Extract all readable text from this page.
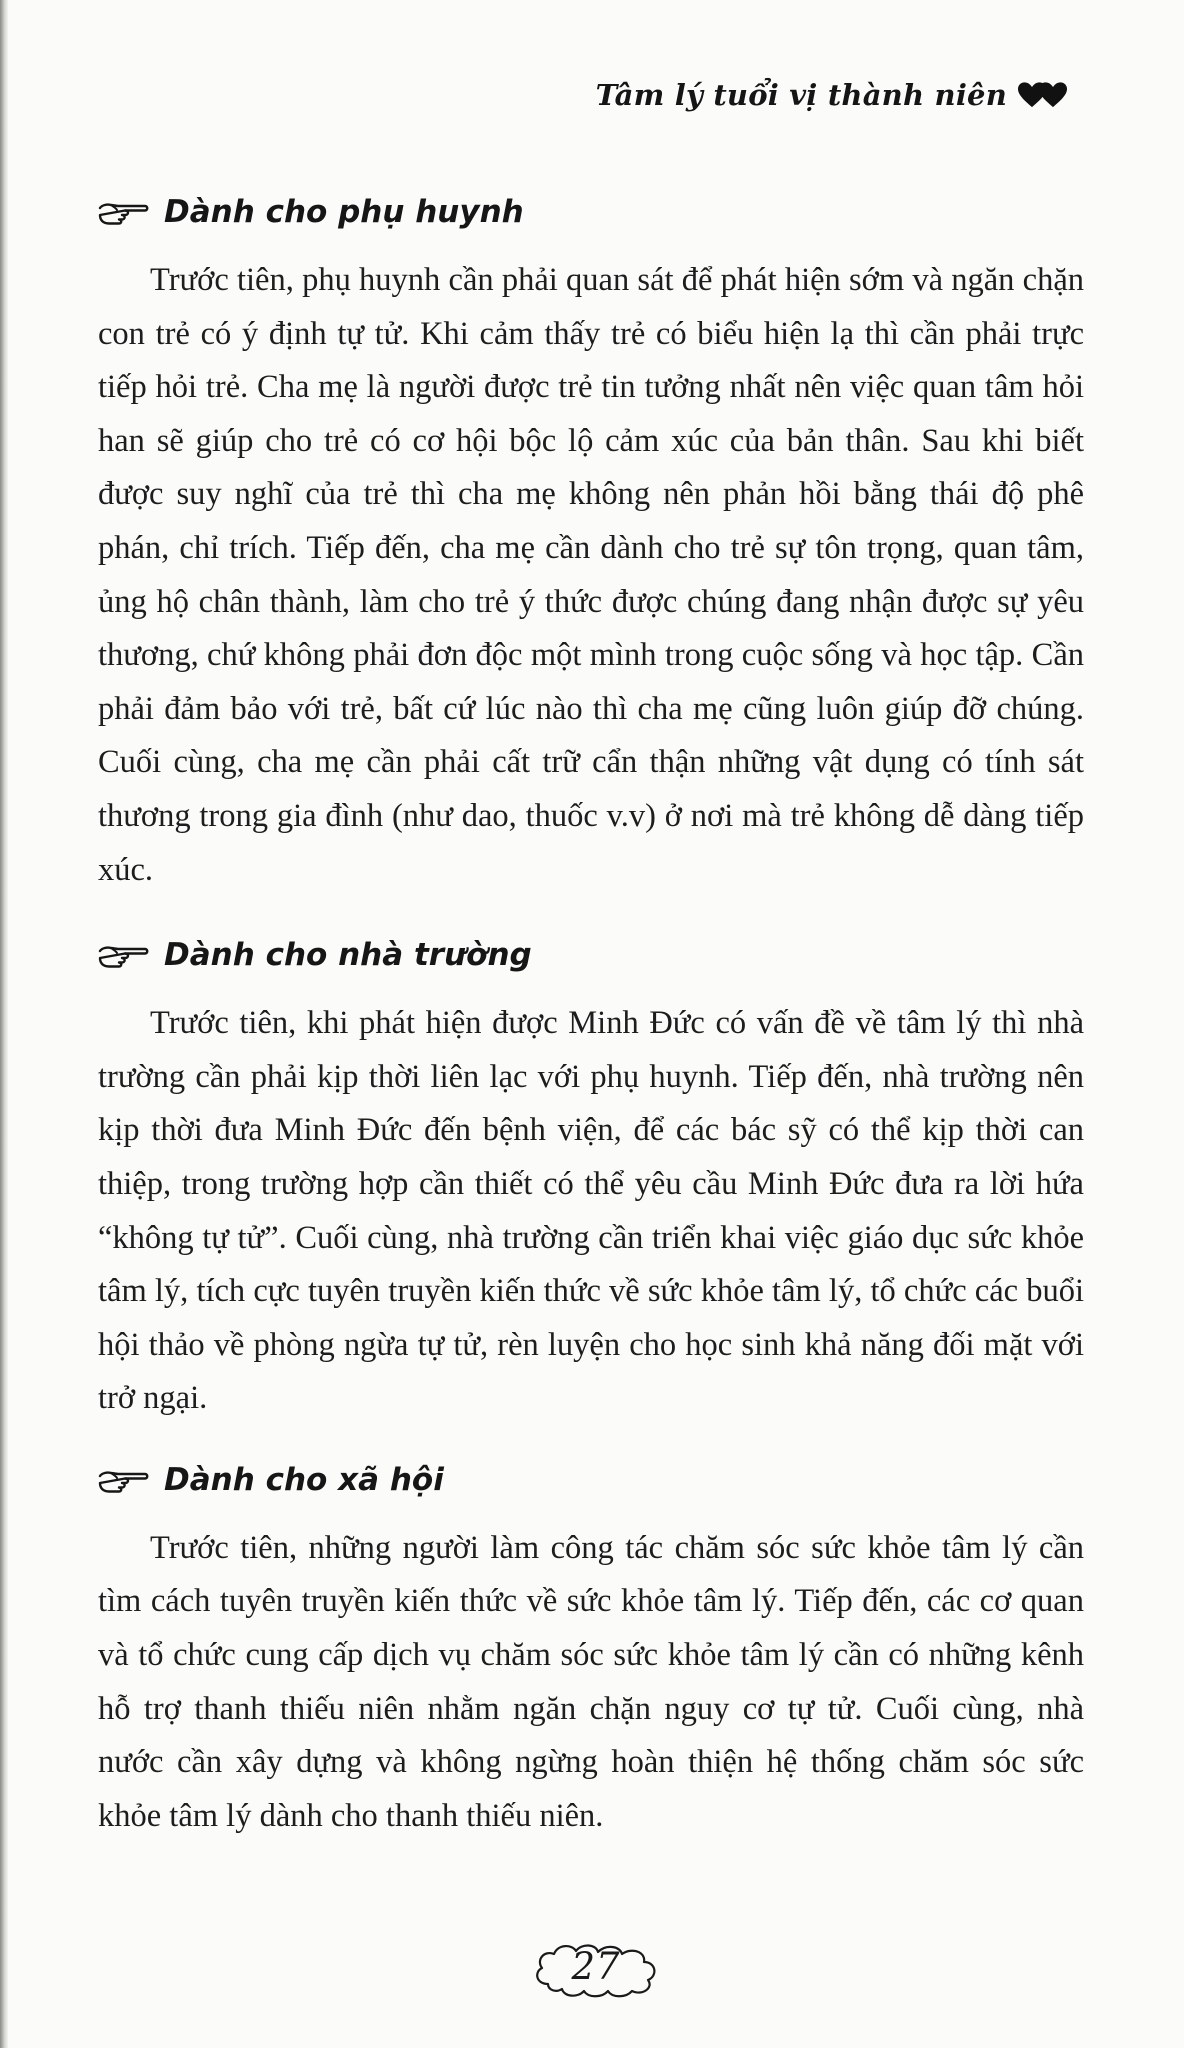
Tâm lý tuổi vị thành niên
Dành cho phụ huynh

Trước tiên, phụ huynh cần phải quan sát để phát hiện sớm và ngăn chặn con trẻ có ý định tự tử. Khi cảm thấy trẻ có biểu hiện lạ thì cần phải trực tiếp hỏi trẻ. Cha mẹ là người được trẻ tin tưởng nhất nên việc quan tâm hỏi han sẽ giúp cho trẻ có cơ hội bộc lộ cảm xúc của bản thân. Sau khi biết được suy nghĩ của trẻ thì cha mẹ không nên phản hồi bằng thái độ phê phán, chỉ trích. Tiếp đến, cha mẹ cần dành cho trẻ sự tôn trọng, quan tâm, ủng hộ chân thành, làm cho trẻ ý thức được chúng đang nhận được sự yêu thương, chứ không phải đơn độc một mình trong cuộc sống và học tập. Cần phải đảm bảo với trẻ, bất cứ lúc nào thì cha mẹ cũng luôn giúp đỡ chúng. Cuối cùng, cha mẹ cần phải cất trữ cẩn thận những vật dụng có tính sát thương trong gia đình (như dao, thuốc v.v) ở nơi mà trẻ không dễ dàng tiếp xúc.

Dành cho nhà trường

Trước tiên, khi phát hiện được Minh Đức có vấn đề về tâm lý thì nhà trường cần phải kịp thời liên lạc với phụ huynh. Tiếp đến, nhà trường nên kịp thời đưa Minh Đức đến bệnh viện, để các bác sỹ có thể kịp thời can thiệp, trong trường hợp cần thiết có thể yêu cầu Minh Đức đưa ra lời hứa “không tự tử”. Cuối cùng, nhà trường cần triển khai việc giáo dục sức khỏe tâm lý, tích cực tuyên truyền kiến thức về sức khỏe tâm lý, tổ chức các buổi hội thảo về phòng ngừa tự tử, rèn luyện cho học sinh khả năng đối mặt với trở ngại.

Dành cho xã hội

Trước tiên, những người làm công tác chăm sóc sức khỏe tâm lý cần tìm cách tuyên truyền kiến thức về sức khỏe tâm lý. Tiếp đến, các cơ quan và tổ chức cung cấp dịch vụ chăm sóc sức khỏe tâm lý cần có những kênh hỗ trợ thanh thiếu niên nhằm ngăn chặn nguy cơ tự tử. Cuối cùng, nhà nước cần xây dựng và không ngừng hoàn thiện hệ thống chăm sóc sức khỏe tâm lý dành cho thanh thiếu niên.

27
